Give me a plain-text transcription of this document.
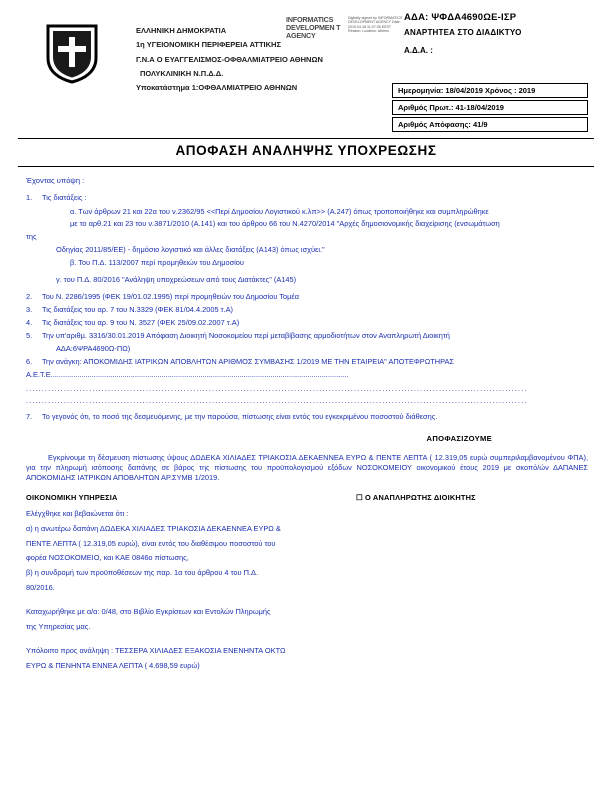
ΑΔΑ: ΨΦΔΑ4690ΩΕ-ΙΣΡ
ΑΝΑΡΤΗΤΕΑ ΣΤΟ ΔΙΑΔΙΚΤΥΟ
Α.Δ.Α. :
ΕΛΛΗΝΙΚΗ ΔΗΜΟΚΡΑΤΙΑ
1η ΥΓΕΙΟΝΟΜΙΚΗ ΠΕΡΙΦΕΡΕΙΑ ΑΤΤΙΚΗΣ
Γ.Ν.Α Ο ΕΥΑΓΓΕΛΙΣΜΟΣ-ΟΦΘΑΛΜΙΑΤΡΕΙΟ ΑΘΗΝΩΝ
ΠΟΛΥΚΛΙΝΙΚΗ Ν.Π.Δ.Δ.
Υποκατάστημα 1:ΟΦΘΑΛΜΙΑΤΡΕΙΟ ΑΘΗΝΩΝ
INFORMATICS DEVELOPMEN T AGENCY
Digitally signed by INFORMATICS DEVELOPMENT AGENCY Date: 2019.04.18 11:07:36 EEST Reason: Location: Athens
Ημερομηνία: 18/04/2019 Χρόνος : 2019
Αριθμός Πρωτ.: 41-18/04/2019
Αριθμός Απόφασης: 41/9
ΑΠΟΦΑΣΗ ΑΝΑΛΗΨΗΣ ΥΠΟΧΡΕΩΣΗΣ
Έχοντας υπόψη :
1. Τις διατάξεις :
α. Των άρθρων 21 και 22α του ν.2362/95 <<Περί Δημοσίου Λογιστικού κ.λπ>> (Α.247) όπως τροποποιήθηκε και συμπληρώθηκε
με το αρθ.21 και 23 του ν.3871/2010 (Α.141) και του άρθρου 66 του Ν.4270/2014 "Αρχές δημοσιονομικής διαχείρισης (ενσωμάτωση
της
Οδηγίας 2011/85/ΕΕ) - δημόσιο λογιστικό και άλλες διατάξεις (Α143) όπως ισχύει."
β. Του Π.Δ. 113/2007 περί προμηθειών του Δημοσίου
γ. του Π.Δ. 80/2016 "Ανάληψη υποχρεώσεων από τους Διατάκτες" (Α145)
2. Του Ν. 2286/1995 (ΦΕΚ 19/01.02.1995) περί προμηθειών του Δημοσίου Τομέα
3. Τις διατάξεις του αρ. 7 του Ν.3329 (ΦΕΚ 81/04.4.2005 τ.Α)
4. Τις διατάξεις του αρ. 9 του Ν. 3527 (ΦΕΚ 25/09.02.2007 τ.Α)
5. Την υπ'αριθμ. 3316/30.01.2019 Απόφαση Διοικητή Νοσοκομείου περί μεταβίβασης αρμοδιοτήτων στον Αναπληρωτή Διοικητή
ΑΔΑ:6ΨΡΑ4690Ω-ΠΩ)
6. Την ανάγκη: ΑΠΟΚΟΜΙΔΗΣ ΙΑΤΡΙΚΩΝ ΑΠΟΒΛΗΤΩΝ ΑΡΙΘΜΟΣ ΣΥΜΒΑΣΗΣ 1/2019 ΜΕ ΤΗΝ ΕΤΑΙΡΕΙΑ" ΑΠΟΤΕΦΡΩΤΗΡΑΣ
Α.Ε.Τ.Ε.................................................................................................................................................
...............................................................................................................................................................
...............................................................................................................................................................
7. Το γεγονός ότι, το ποσό της δεσμευόμενης, με την παρούσα, πίστωσης είναι εντός του εγκεκριμένου ποσοστού διάθεσης.
ΑΠΟΦΑΣΙΖΟΥΜΕ
Εγκρίνουμε τη δέσμευση πίστωσης ύψους ΔΩΔΕΚΑ ΧΙΛΙΑΔΕΣ ΤΡΙΑΚΟΣΙΑ ΔΕΚΑΕΝΝΕΑ ΕΥΡΩ & ΠΕΝΤΕ ΛΕΠΤΑ ( 12.319,05 ευρώ συμπεριλαμβανομένου ΦΠΑ), για την πληρωμή ισόποσης δαπάνης σε βάρος της πίστωσης του προϋπολογισμού εξόδων ΝΟΣΟΚΟΜΕΙΟΥ οικονομικού έτους 2019 με σκοπό/ών ΔΑΠΑΝΕΣ ΑΠΟΚΟΜΙΔΗΣ ΙΑΤΡΙΚΩΝ ΑΠΟΒΛΗΤΩΝ ΑΡ.ΣΥΜΒ 1/2019.
ΟΙΚΟΝΟΜΙΚΗ ΥΠΗΡΕΣΙΑ	☐ Ο ΑΝΑΠΛΗΡΩΤΗΣ ΔΙΟΙΚΗΤΗΣ
Ελέγχθηκε και βεβαιώνεται ότι :
α) η ανωτέρω δαπάνη ΔΩΔΕΚΑ ΧΙΛΙΑΔΕΣ ΤΡΙΑΚΟΣΙΑ ΔΕΚΑΕΝΝΕΑ ΕΥΡΩ &
ΠΕΝΤΕ ΛΕΠΤΑ ( 12.319,05 ευρώ), είναι εντός του διαθέσιμου ποσοστού του
φορέα ΝΟΣΟΚΟΜΕΙΟ, και ΚΑΕ 0846ο πίστωσης,
β) η συνδρομή των προϋποθέσεων της παρ. 1α του άρθρου 4 του Π.Δ.
80/2016.
Καταχωρήθηκε με α/α: 0/48, στο Βιβλίο Εγκρίσεων και Εντολών Πληρωμής
της Υπηρεσίας μας.
Υπόλοιπο προς ανάληψη : ΤΕΣΣΕΡΑ ΧΙΛΙΑΔΕΣ ΕΞΑΚΟΣΙΑ ΕΝΕΝΗΝΤΑ ΟΚΤΩ
ΕΥΡΩ & ΠΕΝΗΝΤΑ ΕΝΝΕΑ ΛΕΠΤΑ ( 4.698,59 ευρώ)
